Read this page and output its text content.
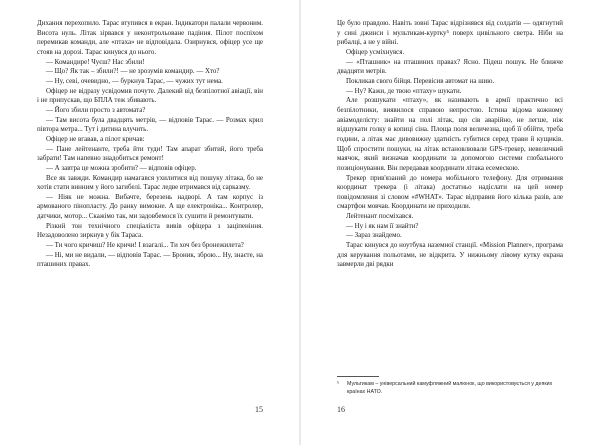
Дихання перехопило. Тарас втупився в екран. Індикатори палали червоним. Висота нуль. Літак зірвався у неконтрольоване падіння. Пілот поспіхом перемикав команди, але «птаха» не відповідала. Озирнувся, офіцер усе ще стояв на дорозі. Тарас кинувся до нього.

— Командире! Чуєш? Нас збили!

— Що? Як так – збили?! — не зрозумів командир. — Хто?

— Ну, севі, очевидно, — буркнув Тарас, — чужих тут нема.

Офіцер не відразу усвідомив почуте. Далекий від безпілотної авіації, він і не припускав, що БПЛА теж збивають.

— Його збили просто з автомата?

— Там висота була двадцять метрів, — відповів Тарас. — Розмах крил півтора метра... Тут і дитина влучить.

Офіцер не вгавав, а пілот кричав:

— Пане лейтенанте, треба йти туди! Там апарат збитий, його треба забрати! Там напевно знадобиться ремонт!

— А завтра це можна зробити? — відповів офіцер.

Все як завжди. Командир намагався ухилитися від пошуку літака, бо не хотів стати винним у його загибелі. Тарас ледве втримався від сарказму.

— Ніяк не можна. Вибачте, березень надворі. А там корпус із армованого пінопласту. До ранку вимокне. А ще електроніка... Контролер, датчики, мотор... Скажімо так, ми задовбемося їх сушити й ремонтувати.

Різкий тон технічного спеціаліста вивів офіцера з заціпеніння. Незадоволено зиркнув у бік Тараса.

— Ти чого кричиш? Не кричи! І взагалі... Ти хоч без бронежилета?

— Ні, ми не видали, — відповів Тарас. — Броник, зброю... Ну, знаєте, на пташиних правах.

15

Це було правдою. Навіть зовні Тарас відрізнявся від солдатів — одягнутий у сині джинси і мультикам-куртку⁵ поверх цивільного светра. Ніби на рибалці, а не у війні.

Офіцер усміхнувся.

— «Пташник» на пташиних правах? Ясно. Підеш пошук. Не ближче двадцяти метрів.

Покликав свого бійця. Перевісив автомат на шию.

— Ну? Кажи, де твою «птаху» шукати.

Але розшукати «птаху», як називають в армії практично всі безпілотники, виявилося справою непростою. Істина відома кожному авіамоделісту: знайти на полі літак, що сів аварійно, не легше, ніж відшукати голку в копиці сіна. Площа поля величезна, щоб її обійти, треба години, а літак має дивовижну здатність губитися серед трави й кущиків. Щоб спростити пошуки, на літак встановлювали GPS-трекер, невеличкий маячок, який визначав координати за допомогою системи глобального позиціонування. Він передавав координати літака есемескою.

Трекер прив'язаний до номера мобільного телефону. Для отримання координат трекера (і літака) достатньо надіслати на цей номер повідомлення зі словом «#WHAT». Тарас відправив його кілька разів, але смартфон мовчав. Координати не приходили.

Лейтенант посміхався.

— Ну і як нам її знайти?

— Зараз знайдемо.

Тарас кинувся до ноутбука наземної станції. «Mission Planner», програма для керування польотами, не відкрита. У нижньому лівому кутку екрана завмерли дві рядки

⁵	Мультикам – універсальний камуфляжний малюнок, що використовується у деяких країнах НАТО.
16
